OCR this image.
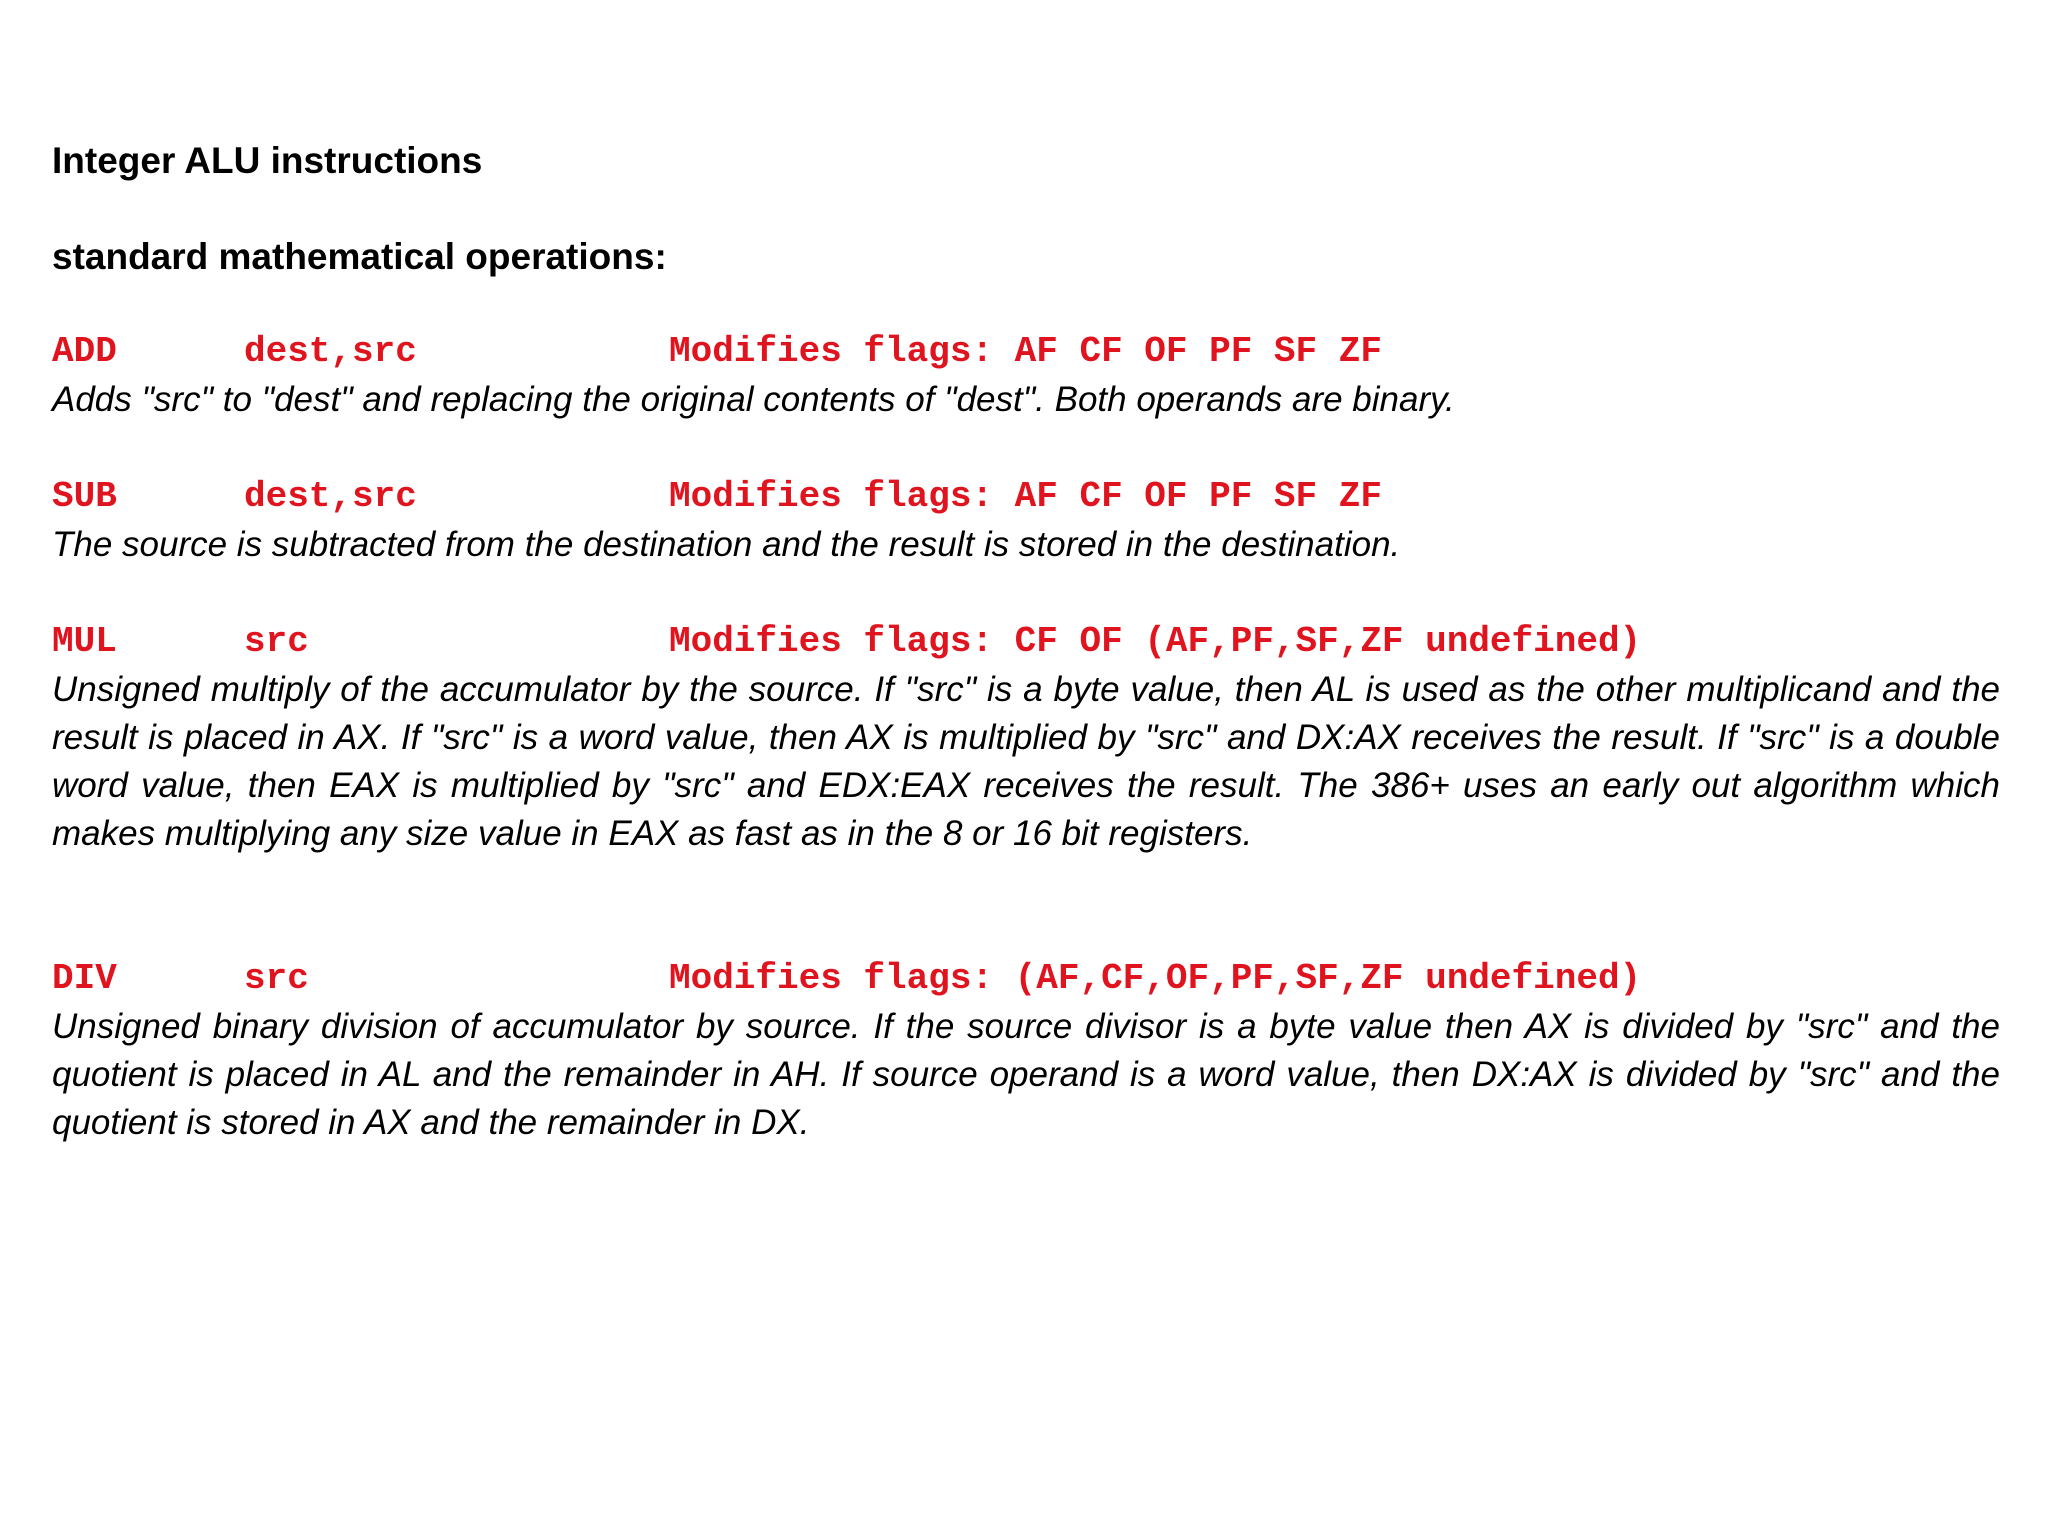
Integer ALU instructions
standard mathematical operations:
ADD	dest,src	Modifies flags: AF CF OF PF SF ZF

Adds "src" to "dest" and replacing the original contents of "dest". Both operands are binary.

SUB	dest,src	Modifies flags: AF CF OF PF SF ZF

The source is subtracted from the destination and the result is stored in the destination.

MUL	src	Modifies flags: CF OF (AF,PF,SF,ZF undefined)

Unsigned multiply of the accumulator by the source. If "src" is a byte value, then AL is used as the other multiplicand and the result is placed in AX. If "src" is a word value, then AX is multiplied by "src" and DX:AX receives the result. If "src" is a double word value, then EAX is multiplied by "src" and EDX:EAX receives the result. The 386+ uses an early out algorithm which makes multiplying any size value in EAX as fast as in the 8 or 16 bit registers.

DIV	src	Modifies flags: (AF,CF,OF,PF,SF,ZF undefined)

Unsigned binary division of accumulator by source. If the source divisor is a byte value then AX is divided by "src" and the quotient is placed in AL and the remainder in AH. If source operand is a word value, then DX:AX is divided by "src" and the quotient is stored in AX and the remainder in DX.
